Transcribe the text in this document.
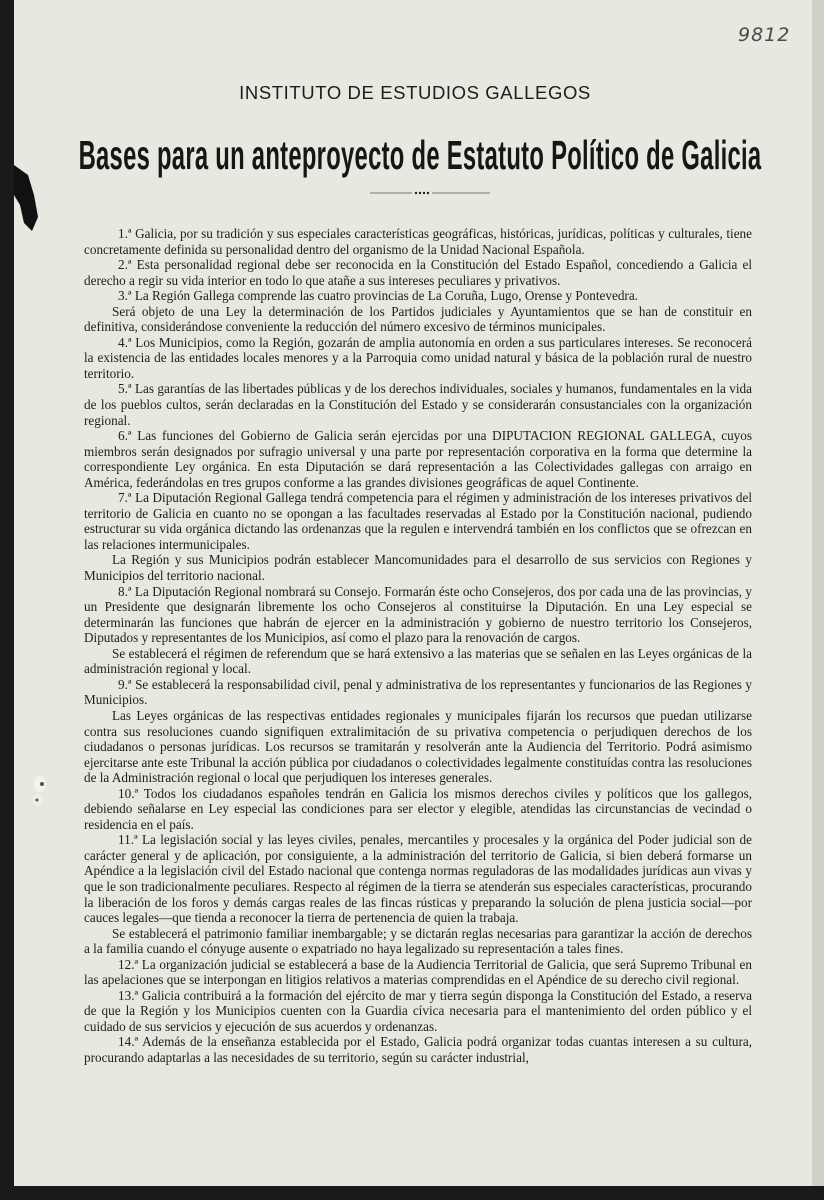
9812
INSTITUTO DE ESTUDIOS GALLEGOS
Bases para un anteproyecto de Estatuto Político de Galicia

1.ª Galicia, por su tradición y sus especiales características geográficas, históricas, jurídicas, políticas y culturales, tiene concretamente definida su personalidad dentro del organismo de la Unidad Nacional Española.

2.ª Esta personalidad regional debe ser reconocida en la Constitución del Estado Español, concediendo a Galicia el derecho a regir su vida interior en todo lo que atañe a sus intereses peculiares y privativos.

3.ª La Región Gallega comprende las cuatro provincias de La Coruña, Lugo, Orense y Pontevedra.

Será objeto de una Ley la determinación de los Partidos judiciales y Ayuntamientos que se han de constituir en definitiva, considerándose conveniente la reducción del número excesivo de términos municipales.

4.ª Los Municipios, como la Región, gozarán de amplia autonomía en orden a sus particulares intereses. Se reconocerá la existencia de las entidades locales menores y a la Parroquia como unidad natural y básica de la población rural de nuestro territorio.

5.ª Las garantías de las libertades públicas y de los derechos individuales, sociales y humanos, fundamentales en la vida de los pueblos cultos, serán declaradas en la Constitución del Estado y se considerarán consustanciales con la organización regional.

6.ª Las funciones del Gobierno de Galicia serán ejercidas por una DIPUTACION REGIONAL GALLEGA, cuyos miembros serán designados por sufragio universal y una parte por representación corporativa en la forma que determine la correspondiente Ley orgánica. En esta Diputación se dará representación a las Colectividades gallegas con arraigo en América, federándolas en tres grupos conforme a las grandes divisiones geográficas de aquel Continente.

7.ª La Diputación Regional Gallega tendrá competencia para el régimen y administración de los intereses privativos del territorio de Galicia en cuanto no se opongan a las facultades reservadas al Estado por la Constitución nacional, pudiendo estructurar su vida orgánica dictando las ordenanzas que la regulen e intervendrá también en los conflictos que se ofrezcan en las relaciones intermunicipales.

La Región y sus Municipios podrán establecer Mancomunidades para el desarrollo de sus servicios con Regiones y Municipios del territorio nacional.

8.ª La Diputación Regional nombrará su Consejo. Formarán éste ocho Consejeros, dos por cada una de las provincias, y un Presidente que designarán libremente los ocho Consejeros al constituirse la Diputación. En una Ley especial se determinarán las funciones que habrán de ejercer en la administración y gobierno de nuestro territorio los Consejeros, Diputados y representantes de los Municipios, así como el plazo para la renovación de cargos.

Se establecerá el régimen de referendum que se hará extensivo a las materias que se señalen en las Leyes orgánicas de la administración regional y local.

9.ª Se establecerá la responsabilidad civil, penal y administrativa de los representantes y funcionarios de las Regiones y Municipios.

Las Leyes orgánicas de las respectivas entidades regionales y municipales fijarán los recursos que puedan utilizarse contra sus resoluciones cuando signifiquen extralimitación de su privativa competencia o perjudiquen derechos de los ciudadanos o personas jurídicas. Los recursos se tramitarán y resolverán ante la Audiencia del Territorio. Podrá asimismo ejercitarse ante este Tribunal la acción pública por ciudadanos o colectividades legalmente constituídas contra las resoluciones de la Administración regional o local que perjudiquen los intereses generales.

10.ª Todos los ciudadanos españoles tendrán en Galicia los mismos derechos civiles y políticos que los gallegos, debiendo señalarse en Ley especial las condiciones para ser elector y elegible, atendidas las circunstancias de vecindad o residencia en el país.

11.ª La legislación social y las leyes civiles, penales, mercantiles y procesales y la orgánica del Poder judicial son de carácter general y de aplicación, por consiguiente, a la administración del territorio de Galicia, si bien deberá formarse un Apéndice a la legislación civil del Estado nacional que contenga normas reguladoras de las modalidades jurídicas aun vivas y que le son tradicionalmente peculiares. Respecto al régimen de la tierra se atenderán sus especiales características, procurando la liberación de los foros y demás cargas reales de las fincas rústicas y preparando la solución de plena justicia social—por cauces legales—que tienda a reconocer la tierra de pertenencia de quien la trabaja.

Se establecerá el patrimonio familiar inembargable; y se dictarán reglas necesarias para garantizar la acción de derechos a la familia cuando el cónyuge ausente o expatriado no haya legalizado su representación a tales fines.

12.ª La organización judicial se establecerá a base de la Audiencia Territorial de Galicia, que será Supremo Tribunal en las apelaciones que se interpongan en litigios relativos a materias comprendidas en el Apéndice de su derecho civil regional.

13.ª Galicia contribuirá a la formación del ejército de mar y tierra según disponga la Constitución del Estado, a reserva de que la Región y los Municipios cuenten con la Guardia cívica necesaria para el mantenimiento del orden público y el cuidado de sus servicios y ejecución de sus acuerdos y ordenanzas.

14.ª Además de la enseñanza establecida por el Estado, Galicia podrá organizar todas cuantas interesen a su cultura, procurando adaptarlas a las necesidades de su territorio, según su carácter industrial,
